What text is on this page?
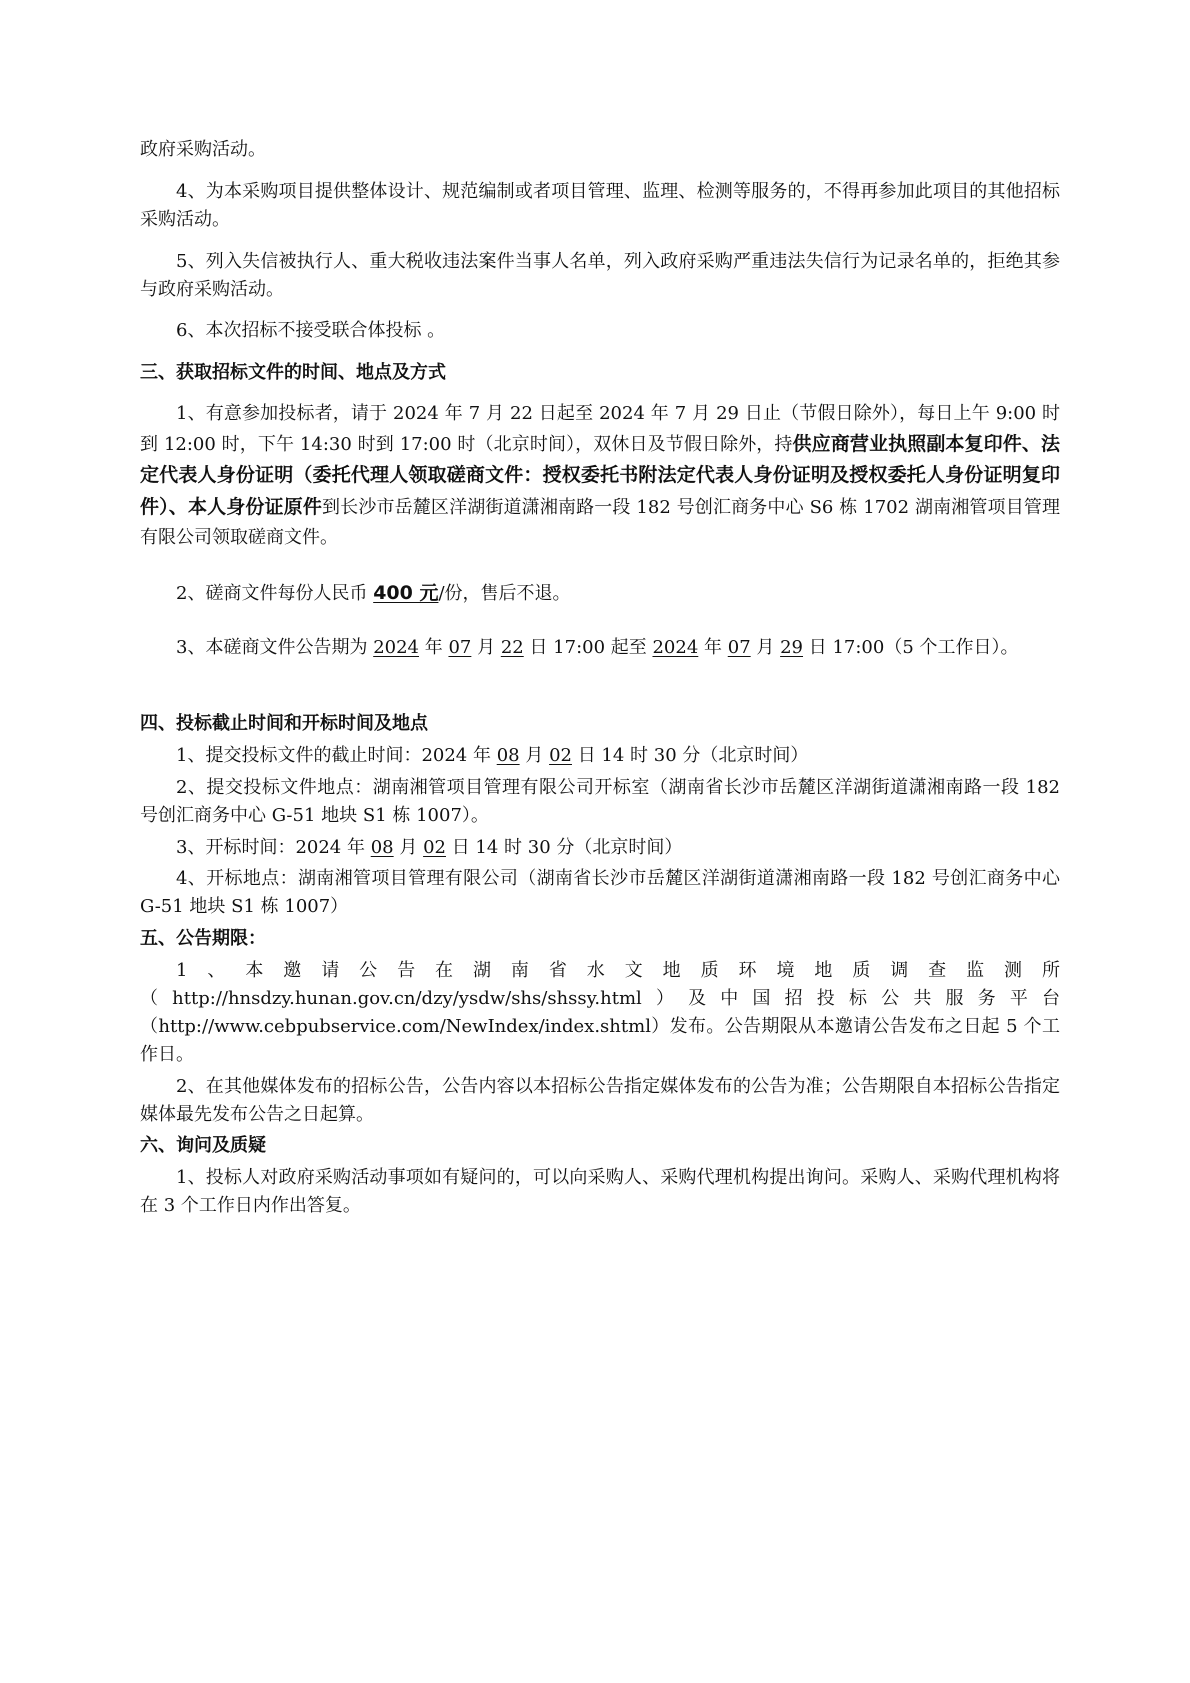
政府采购活动。

4、为本采购项目提供整体设计、规范编制或者项目管理、监理、检测等服务的，不得再参加此项目的其他招标采购活动。

5、列入失信被执行人、重大税收违法案件当事人名单，列入政府采购严重违法失信行为记录名单的，拒绝其参与政府采购活动。

6、本次招标不接受联合体投标 。

三、获取招标文件的时间、地点及方式

1、有意参加投标者，请于 2024 年 7 月 22 日起至 2024 年 7 月 29 日止（节假日除外），每日上午 9:00 时到 12:00 时，下午 14:30 时到 17:00 时（北京时间），双休日及节假日除外，持供应商营业执照副本复印件、法定代表人身份证明（委托代理人领取磋商文件：授权委托书附法定代表人身份证明及授权委托人身份证明复印件）、本人身份证原件到长沙市岳麓区洋湖街道潇湘南路一段 182 号创汇商务中心 S6 栋 1702 湖南湘管项目管理有限公司领取磋商文件。

2、磋商文件每份人民币 400 元/份，售后不退。

3、本磋商文件公告期为 2024 年 07 月 22 日 17:00 起至 2024 年 07 月 29 日 17:00（5 个工作日）。

四、投标截止时间和开标时间及地点

1、提交投标文件的截止时间：2024 年 08 月 02 日 14 时 30 分（北京时间）

2、提交投标文件地点：湖南湘管项目管理有限公司开标室（湖南省长沙市岳麓区洋湖街道潇湘南路一段 182 号创汇商务中心 G-51 地块 S1 栋 1007）。

3、开标时间：2024 年 08 月 02 日 14 时 30 分（北京时间）

4、开标地点：湖南湘管项目管理有限公司（湖南省长沙市岳麓区洋湖街道潇湘南路一段 182 号创汇商务中心 G-51 地块 S1 栋 1007）

五、公告期限：

1、本邀请公告在湖南省水文地质环境地质调查监测所（http://hnsdzy.hunan.gov.cn/dzy/ysdw/shs/shssy.html）及中国招投标公共服务平台（http://www.cebpubservice.com/NewIndex/index.shtml）发布。公告期限从本邀请公告发布之日起 5 个工作日。

2、在其他媒体发布的招标公告，公告内容以本招标公告指定媒体发布的公告为准；公告期限自本招标公告指定媒体最先发布公告之日起算。

六、询问及质疑

1、投标人对政府采购活动事项如有疑问的，可以向采购人、采购代理机构提出询问。采购人、采购代理机构将在 3 个工作日内作出答复。
